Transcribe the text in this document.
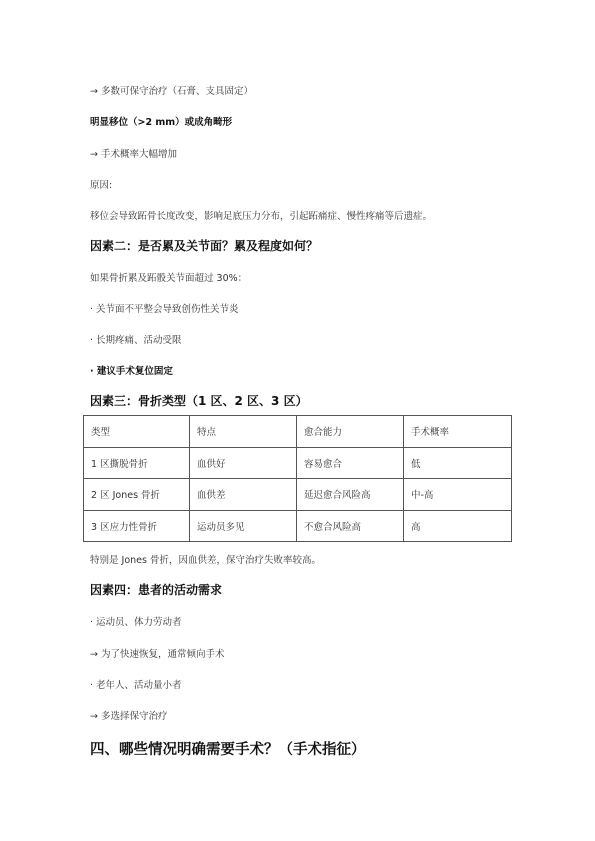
→ 多数可保守治疗（石膏、支具固定）
明显移位（>2 mm）或成角畸形
→ 手术概率大幅增加
原因:
移位会导致跖骨长度改变，影响足底压力分布，引起跖痛症、慢性疼痛等后遗症。
因素二：是否累及关节面？累及程度如何？
如果骨折累及跖骰关节面超过 30%：
· 关节面不平整会导致创伤性关节炎
· 长期疼痛、活动受限
· 建议手术复位固定
因素三：骨折类型（1 区、2 区、3 区）
类型	特点	愈合能力	手术概率
1 区撕脱骨折	血供好	容易愈合	低
2 区 Jones 骨折	血供差	延迟愈合风险高	中-高
3 区应力性骨折	运动员多见	不愈合风险高	高
特别是 Jones 骨折，因血供差，保守治疗失败率较高。
因素四：患者的活动需求
· 运动员、体力劳动者
→ 为了快速恢复，通常倾向手术
· 老年人、活动量小者
→ 多选择保守治疗
四、哪些情况明确需要手术？（手术指征）
